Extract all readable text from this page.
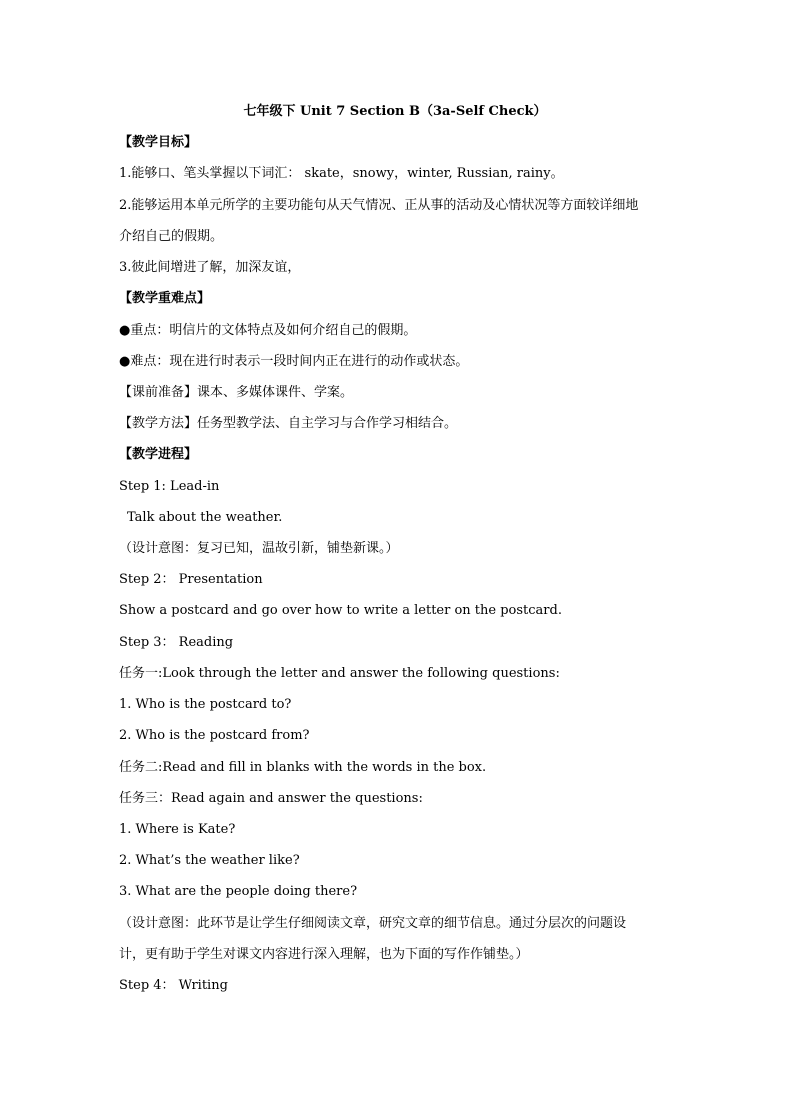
七年级下 Unit 7 Section B（3a-Self Check）
【教学目标】
1.能够口、笔头掌握以下词汇： skate，snowy，winter, Russian, rainy。
2.能够运用本单元所学的主要功能句从天气情况、正从事的活动及心情状况等方面较详细地
介绍自己的假期。
3.彼此间增进了解，加深友谊，
【教学重难点】
●重点：明信片的文体特点及如何介绍自己的假期。
●难点：现在进行时表示一段时间内正在进行的动作或状态。
【课前准备】课本、多媒体课件、学案。
【教学方法】任务型教学法、自主学习与合作学习相结合。
【教学进程】
Step 1: Lead-in
Talk about the weather.
（设计意图：复习已知，温故引新，铺垫新课。）
Step 2： Presentation
Show a postcard and go over how to write a letter on the postcard.
Step 3： Reading
任务一:Look through the letter and answer the following questions:
1. Who is the postcard to?
2. Who is the postcard from?
任务二:Read and fill in blanks with the words in the box.
任务三：Read again and answer the questions:
1. Where is Kate?
2. What’s the weather like?
3. What are the people doing there?
（设计意图：此环节是让学生仔细阅读文章，研究文章的细节信息。通过分层次的问题设
计，更有助于学生对课文内容进行深入理解，也为下面的写作作铺垫。）
Step 4： Writing
